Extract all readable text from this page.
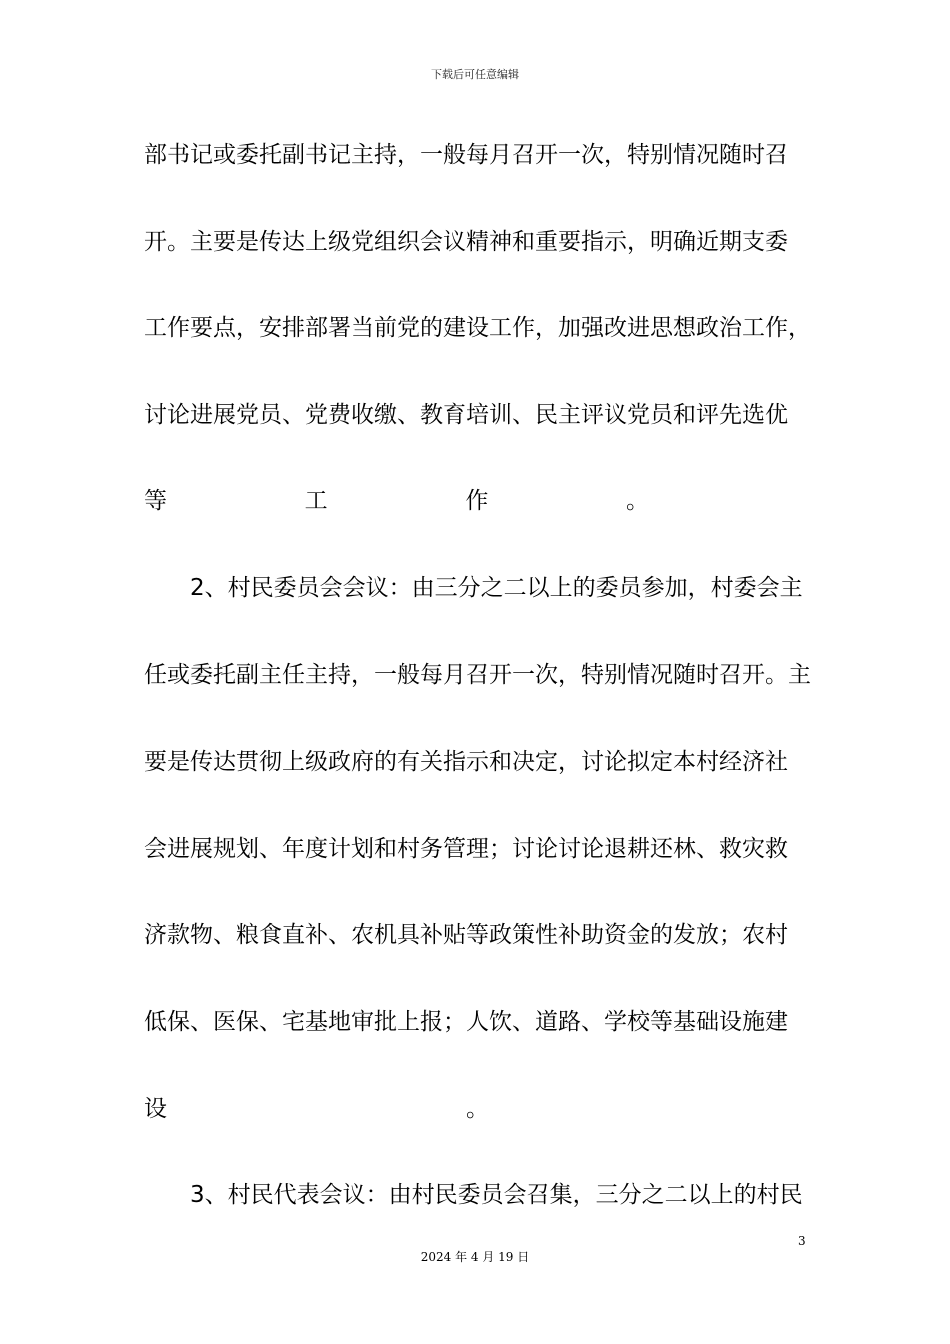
下载后可任意编辑
部书记或委托副书记主持，一般每月召开一次，特别情况随时召
开。主要是传达上级党组织会议精神和重要指示，明确近期支委
工作要点，安排部署当前党的建设工作，加强改进思想政治工作，
讨论进展党员、党费收缴、教育培训、民主评议党员和评先选优
等	工	作	。
2、村民委员会会议：由三分之二以上的委员参加，村委会主
任或委托副主任主持，一般每月召开一次，特别情况随时召开。主
要是传达贯彻上级政府的有关指示和决定，讨论拟定本村经济社
会进展规划、年度计划和村务管理；讨论讨论退耕还林、救灾救
济款物、粮食直补、农机具补贴等政策性补助资金的发放；农村
低保、医保、宅基地审批上报；人饮、道路、学校等基础设施建
设	。
3、村民代表会议：由村民委员会召集，三分之二以上的村民
3
2024 年 4 月 19 日
